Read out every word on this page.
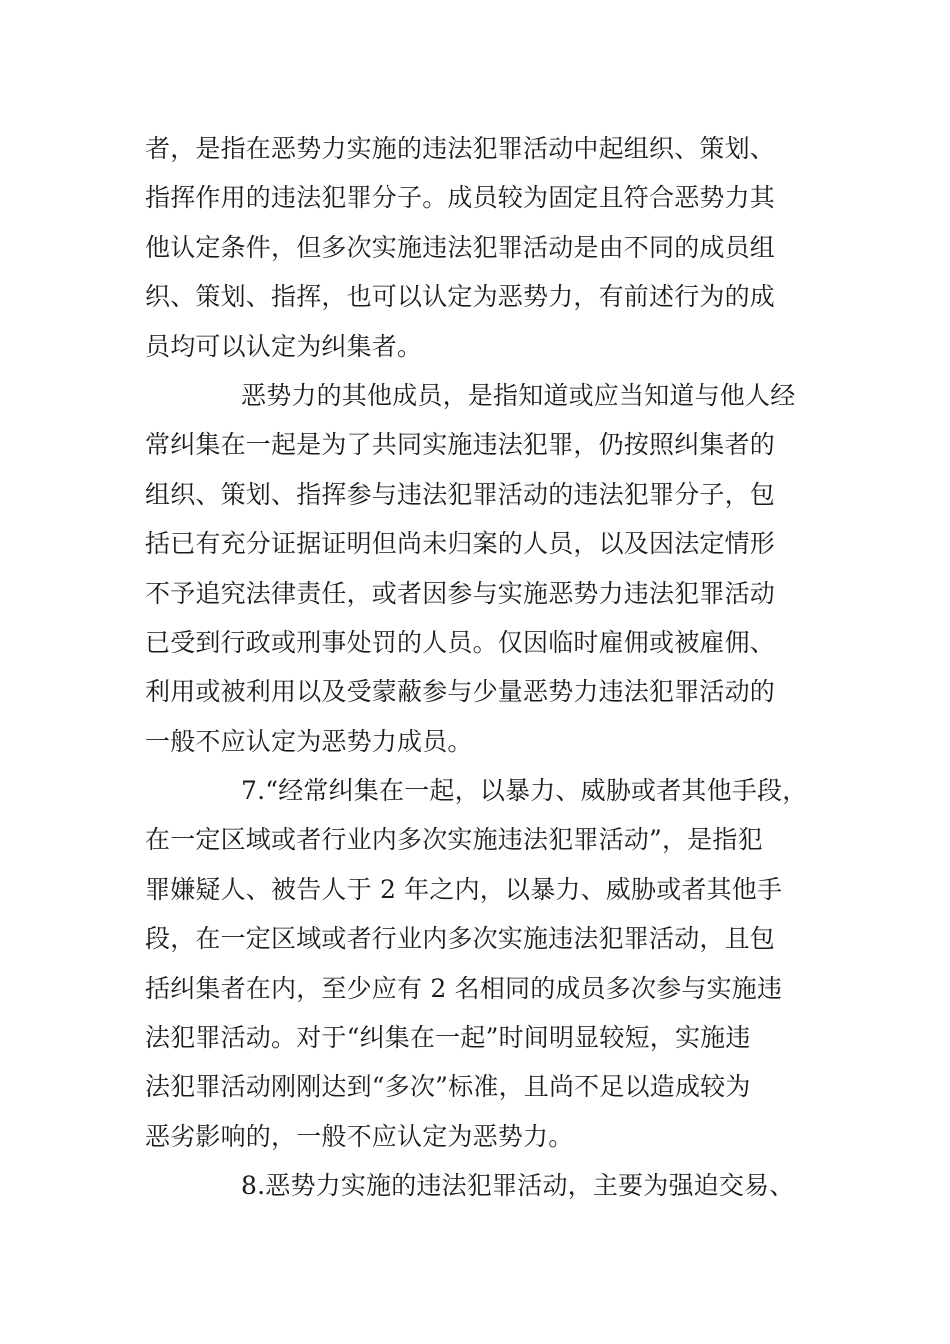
者，是指在恶势力实施的违法犯罪活动中起组织、策划、
指挥作用的违法犯罪分子。成员较为固定且符合恶势力其
他认定条件，但多次实施违法犯罪活动是由不同的成员组
织、策划、指挥，也可以认定为恶势力，有前述行为的成
员均可以认定为纠集者。
恶势力的其他成员，是指知道或应当知道与他人经
常纠集在一起是为了共同实施违法犯罪，仍按照纠集者的
组织、策划、指挥参与违法犯罪活动的违法犯罪分子，包
括已有充分证据证明但尚未归案的人员，以及因法定情形
不予追究法律责任，或者因参与实施恶势力违法犯罪活动
已受到行政或刑事处罚的人员。仅因临时雇佣或被雇佣、
利用或被利用以及受蒙蔽参与少量恶势力违法犯罪活动的
一般不应认定为恶势力成员。
7.“经常纠集在一起，以暴力、威胁或者其他手段，
在一定区域或者行业内多次实施违法犯罪活动”，是指犯
罪嫌疑人、被告人于 2 年之内，以暴力、威胁或者其他手
段，在一定区域或者行业内多次实施违法犯罪活动，且包
括纠集者在内，至少应有 2 名相同的成员多次参与实施违
法犯罪活动。对于“纠集在一起”时间明显较短，实施违
法犯罪活动刚刚达到“多次”标准，且尚不足以造成较为
恶劣影响的，一般不应认定为恶势力。
8.恶势力实施的违法犯罪活动，主要为强迫交易、
